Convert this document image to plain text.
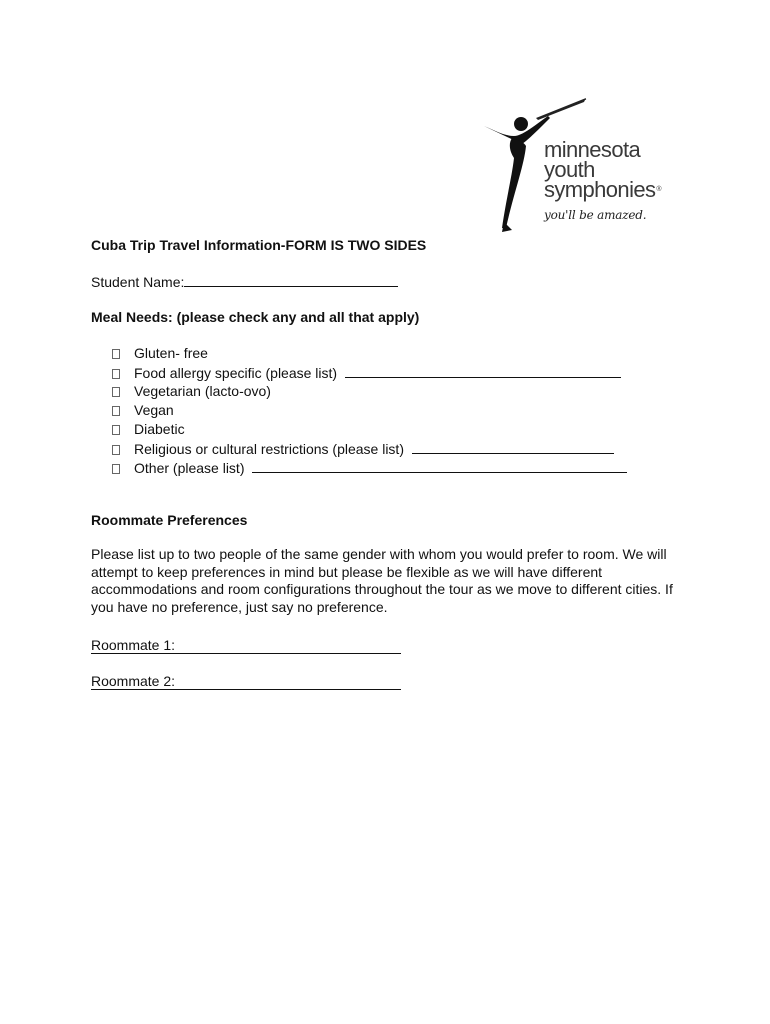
minnesota
youth
symphonies®
you'll be amazed.
Cuba Trip Travel Information-FORM IS TWO SIDES
Student Name:
Meal Needs: (please check any and all that apply)
Gluten- free
Food allergy specific (please list)
Vegetarian (lacto-ovo)
Vegan
Diabetic
Religious or cultural restrictions (please list)
Other (please list)
Roommate Preferences

Please list up to two people of the same gender with whom you would prefer to room. We will attempt to keep preferences in mind but please be flexible as we will have different accommodations and room configurations throughout the tour as we move to different cities. If you have no preference, just say no preference.

Roommate 1:
Roommate 2:
